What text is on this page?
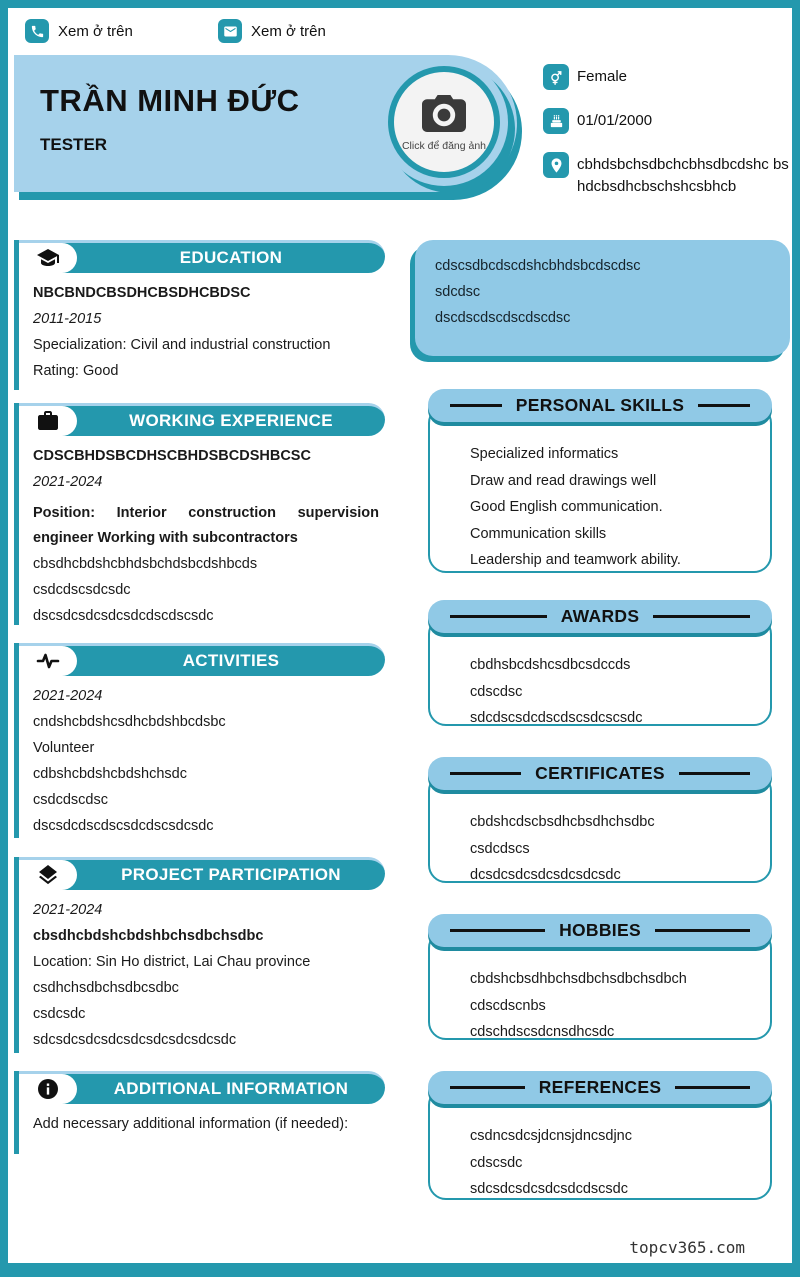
Xem ở trên	Xem ở trên
TRẦN MINH ĐỨC
TESTER	Click để đăng ảnh
Female
01/01/2000
cbhdsbchsdbchcbhsdbcdshc bshdcbsdhcbschshcsbhcb
EDUCATION

NBCBNDCBSDHCBSDHCBDSC

2011-2015

Specialization: Civil and industrial construction

Rating: Good

WORKING EXPERIENCE

CDSCBHDSBCDHSCBHDSBCDSHBCSC

2021-2024

Position: Interior construction supervision engineer Working with subcontractors

cbsdhcbdshcbhdsbchdsbcdshbcds

csdcdscsdcsdc

dscsdcsdcsdcsdcdscdscsdc

ACTIVITIES

2021-2024

cndshcbdshcsdhcbdshbcdsbc

Volunteer

cdbshcbdshcbdshchsdc

csdcdscdsc

dscsdcdscdscsdcdscsdcsdc

PROJECT PARTICIPATION

2021-2024

cbsdhcbdshcbdshbchsdbchsdbc

Location: Sin Ho district, Lai Chau province

csdhchsdbchsdbcsdbc

csdcsdc

sdcsdcsdcsdcsdcsdcsdcsdcsdc

ADDITIONAL INFORMATION

Add necessary additional information (if needed):

cdscsdbcdscdshcbhdsbcdscdsc

sdcdsc

dscdscdscdscdscdsc

PERSONAL SKILLS

Specialized informatics

Draw and read drawings well

Good English communication.

Communication skills

Leadership and teamwork ability.

AWARDS

cbdhsbcdshcsdbcsdccds

cdscdsc

sdcdscsdcdscdscsdcscsdc

CERTIFICATES

cbdshcdscbsdhcbsdhchsdbc

csdcdscs

dcsdcsdcsdcsdcsdcsdc

HOBBIES

cbdshcbsdhbchsdbchsdbchsdbch

cdscdscnbs

cdschdscsdcnsdhcsdc

REFERENCES

csdncsdcsjdcnsjdncsdjnc

cdscsdc

sdcsdcsdcsdcsdcdscsdc

topcv365.com
